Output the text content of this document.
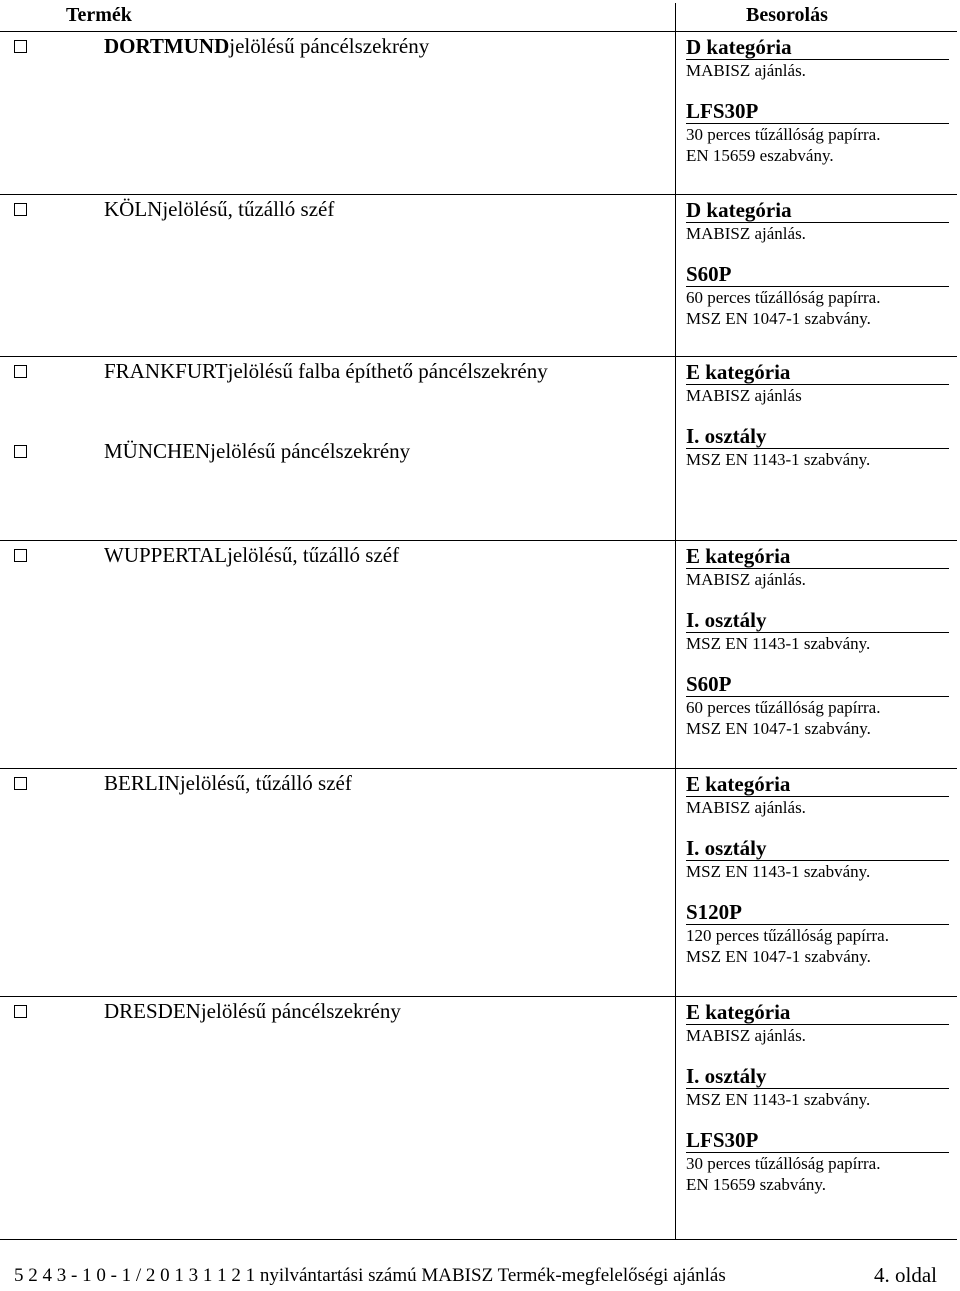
Termék	Besorolás
DORTMUND jelölésű páncélszekrény
KÖLN jelölésű, tűzálló széf
FRANKFURT jelölésű falba építhető páncélszekrény
MÜNCHEN jelölésű páncélszekrény
WUPPERTAL jelölésű, tűzálló széf
BERLIN jelölésű, tűzálló széf
DRESDEN jelölésű páncélszekrény
D kategória
MABISZ ajánlás.
LFS30P
30 perces tűzállóság papírra.
EN 15659 eszabvány.
D kategória
MABISZ ajánlás.
S60P
60 perces tűzállóság papírra.
MSZ EN 1047-1 szabvány.
E kategória
MABISZ ajánlás
I. osztály
MSZ EN 1143-1 szabvány.
E kategória
MABISZ ajánlás.
I. osztály
MSZ EN 1143-1 szabvány.
S60P
60 perces tűzállóság papírra.
MSZ EN 1047-1 szabvány.
E kategória
MABISZ ajánlás.
I. osztály
MSZ EN 1143-1 szabvány.
S120P
120 perces tűzállóság papírra.
MSZ EN 1047-1 szabvány.
E kategória
MABISZ ajánlás.
I. osztály
MSZ EN 1143-1 szabvány.
LFS30P
30 perces tűzállóság papírra.
EN 15659 szabvány.
5 2 4 3 - 1 0 - 1 / 2 0 1 3 1 1 2 1 nyilvántartási számú MABISZ Termék-megfelelőségi ajánlás	4. oldal
